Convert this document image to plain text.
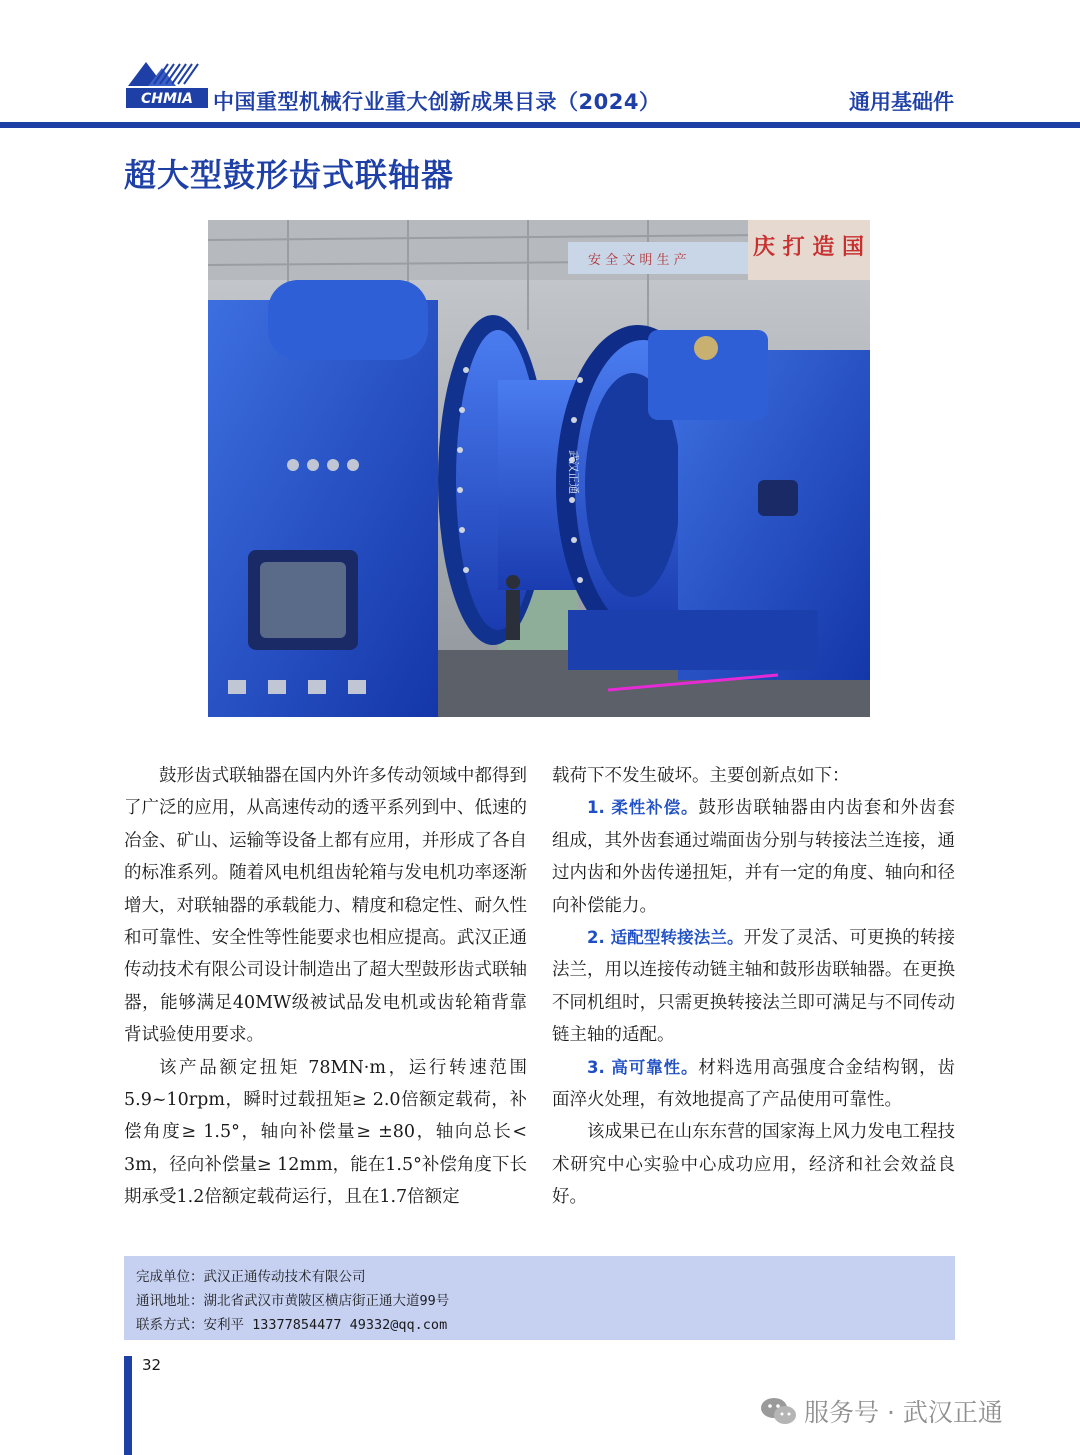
CHMIA 中国重型机械行业重大创新成果目录（2024）	通用基础件
超大型鼓形齿式联轴器
安 全 文 明 生 产
庆 打 造 国
武汉正通

鼓形齿式联轴器在国内外许多传动领域中都得到了广泛的应用，从高速传动的透平系列到中、低速的冶金、矿山、运输等设备上都有应用，并形成了各自的标准系列。随着风电机组齿轮箱与发电机功率逐渐增大，对联轴器的承载能力、精度和稳定性、耐久性和可靠性、安全性等性能要求也相应提高。武汉正通传动技术有限公司设计制造出了超大型鼓形齿式联轴器，能够满足40MW级被试品发电机或齿轮箱背靠背试验使用要求。

该产品额定扭矩 78MN·m，运行转速范围5.9~10rpm，瞬时过载扭矩≥ 2.0倍额定载荷，补偿角度≥ 1.5°，轴向补偿量≥ ±80，轴向总长< 3m，径向补偿量≥ 12mm，能在1.5°补偿角度下长期承受1.2倍额定载荷运行，且在1.7倍额定

载荷下不发生破坏。主要创新点如下：

1. 柔性补偿。鼓形齿联轴器由内齿套和外齿套组成，其外齿套通过端面齿分别与转接法兰连接，通过内齿和外齿传递扭矩，并有一定的角度、轴向和径向补偿能力。

2. 适配型转接法兰。开发了灵活、可更换的转接法兰，用以连接传动链主轴和鼓形齿联轴器。在更换不同机组时，只需更换转接法兰即可满足与不同传动链主轴的适配。

3. 高可靠性。材料选用高强度合金结构钢，齿面淬火处理，有效地提高了产品使用可靠性。

该成果已在山东东营的国家海上风力发电工程技术研究中心实验中心成功应用，经济和社会效益良好。

完成单位：武汉正通传动技术有限公司
通讯地址：湖北省武汉市黄陂区横店街正通大道99号
联系方式：安利平 13377854477 49332@qq.com
32
服务号 · 武汉正通
